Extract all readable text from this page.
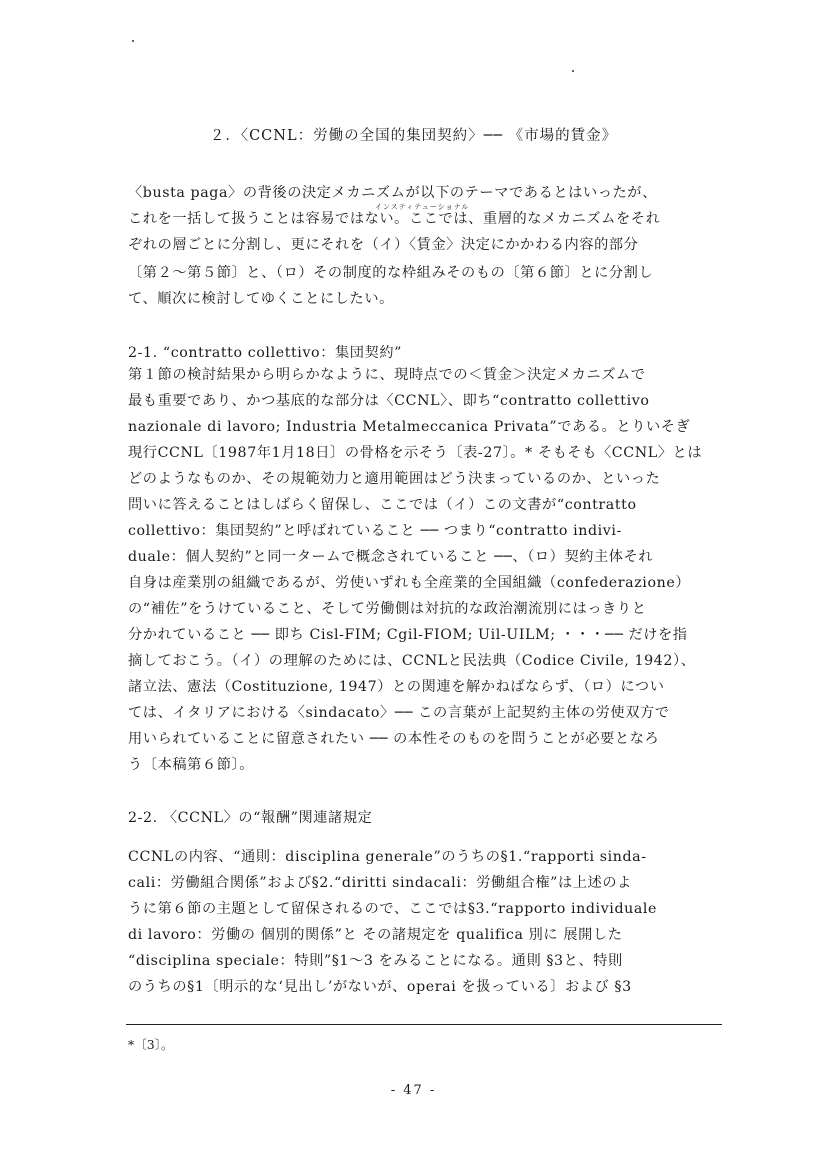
２．〈CCNL：労働の全国的集団契約〉── 《市場的賃金》
〈busta paga〉の背後の決定メカニズムが以下のテーマであるとはいったが、
これを一括して扱うことは容易ではない。ここでは、重層的なメカニズムをそれ
ぞれの層ごとに分割し、更にそれを（イ）〈賃金〉決定にかかわる内容的部分
インスティテューショナル
〔第２～第５節〕と、（ロ）その制度的な枠組みそのもの〔第６節〕とに分割し
て、順次に検討してゆくことにしたい。
2-1. “contratto collettivo：集団契約”
第１節の検討結果から明らかなように、現時点での＜賃金＞決定メカニズムで
最も重要であり、かつ基底的な部分は〈CCNL〉、即ち“contratto collettivo
nazionale di lavoro; Industria Metalmeccanica Privata”である。とりいそぎ
現行CCNL〔1987年1月18日〕の骨格を示そう〔表-27〕。* そもそも〈CCNL〉とは
どのようなものか、その規範効力と適用範囲はどう決まっているのか、といった
問いに答えることはしばらく留保し、ここでは（イ）この文書が“contratto
collettivo：集団契約”と呼ばれていること ── つまり“contratto indivi-
duale：個人契約”と同一タームで概念されていること ──、（ロ）契約主体それ
自身は産業別の組織であるが、労使いずれも全産業的全国組織（confederazione）
の“補佐”をうけていること、そして労働側は対抗的な政治潮流別にはっきりと
分かれていること ── 即ち Cisl-FIM; Cgil-FIOM; Uil-UILM; ・・・── だけを指
摘しておこう。（イ）の理解のためには、CCNLと民法典（Codice Civile, 1942）、
諸立法、憲法（Costituzione, 1947）との関連を解かねばならず、（ロ）につい
ては、イタリアにおける〈sindacato〉── この言葉が上記契約主体の労使双方で
用いられていることに留意されたい ── の本性そのものを問うことが必要となろ
う〔本稿第６節〕。
2-2. 〈CCNL〉の“報酬”関連諸規定
CCNLの内容、“通則：disciplina generale”のうちの§1.“rapporti sinda-
cali：労働組合関係”および§2.“diritti sindacali：労働組合権”は上述のよ
うに第６節の主題として留保されるので、ここでは§3.“rapporto individuale
di lavoro：労働の 個別的関係”と その諸規定を qualifica 別に 展開した
“disciplina speciale：特則”§1～3 をみることになる。通則 §3と、特則
のうちの§1〔明示的な‘見出し’がないが、operai を扱っている〕および §3
*〔3〕。
- 47 -
